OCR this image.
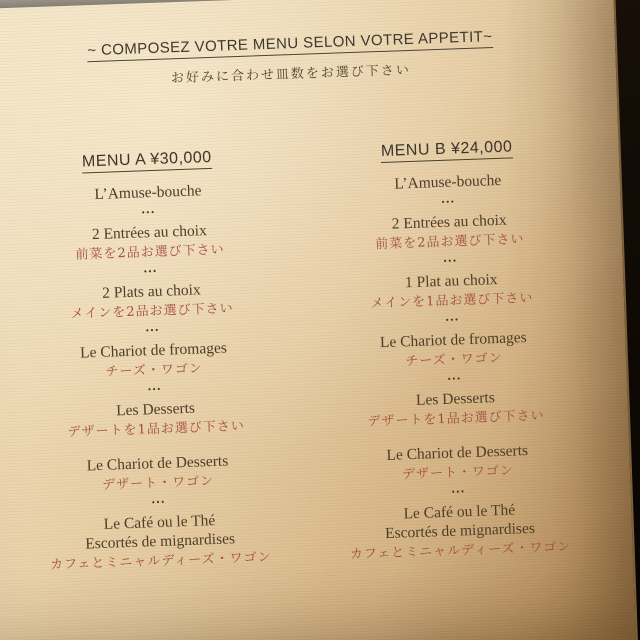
~ COMPOSEZ VOTRE MENU SELON VOTRE APPETIT~
お好みに合わせ皿数をお選び下さい
MENU A ¥30,000
L’Amuse-bouche
•••
2 Entrées au choix
前菜を2品お選び下さい
•••
2 Plats au choix
メインを2品お選び下さい
•••
Le Chariot de fromages
チーズ・ワゴン
•••
Les Desserts
デザートを1品お選び下さい
Le Chariot de Desserts
デザート・ワゴン
•••
Le Café ou le Thé
Escortés de mignardises
カフェとミニャルディーズ・ワゴン
MENU B ¥24,000
L’Amuse-bouche
•••
2 Entrées au choix
前菜を2品お選び下さい
•••
1 Plat au choix
メインを1品お選び下さい
•••
Le Chariot de fromages
チーズ・ワゴン
•••
Les Desserts
デザートを1品お選び下さい
Le Chariot de Desserts
デザート・ワゴン
•••
Le Café ou le Thé
Escortés de mignardises
カフェとミニャルディーズ・ワゴン
